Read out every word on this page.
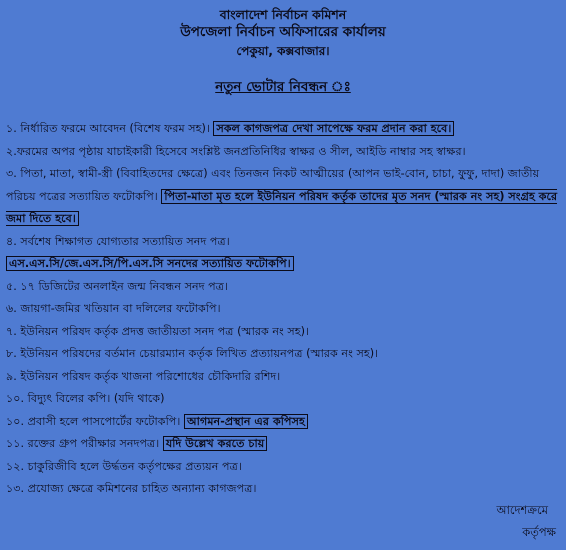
বাংলাদেশ নির্বাচন কমিশন
উপজেলা নির্বাচন অফিসারের কার্যালয়
পেকুয়া, কক্সবাজার।
নতুন ভোটার নিবন্ধন ঃ
১. নির্ধারিত ফরমে আবেদন (বিশেষ ফরম সহ)। সকল কাগজপত্র দেখা সাপেক্ষে ফরম প্রদান করা হবে।
২.ফরমের অপর পৃষ্ঠায় যাচাইকারী হিসেবে সংশ্লিষ্ট জনপ্রতিনিধির স্বাক্ষর ও সীল, আইডি নাম্বার সহ স্বাক্ষর।
৩. পিতা, মাতা, স্বামী-স্ত্রী (বিবাহিতদের ক্ষেত্রে) এবং তিনজন নিকট আত্মীয়ের (আপন ভাই-বোন, চাচা, ফুফু, দাদা) জাতীয় পরিচয় পত্রের সত্যায়িত ফটোকপি। পিতা-মাতা মৃত হলে ইউনিয়ন পরিষদ কর্তৃক তাদের মৃত সনদ (স্মারক নং সহ) সংগ্রহ করে জমা দিতে হবে।
৪. সর্বশেষ শিক্ষাগত যোগ্যতার সত্যায়িত সনদ পত্র।
এস.এস.সি/জে.এস.সি/পি.এস.সি সনদের সত্যায়িত ফটোকপি।
৫. ১৭ ডিজিটের অনলাইন জন্ম নিবন্ধন সনদ পত্র।
৬. জায়গা-জমির খতিয়ান বা দলিলের ফটোকপি।
৭. ইউনিয়ন পরিষদ কর্তৃক প্রদত্ত জাতীয়তা সনদ পত্র (স্মারক নং সহ)।
৮. ইউনিয়ন পরিষদের বর্তমান চেয়ারম্যান কর্তৃক লিখিত প্রত্যায়নপত্র (স্মারক নং সহ)।
৯. ইউনিয়ন পরিষদ কর্তৃক খাজনা পরিশোধের চৌকিদারি রশিদ।
১০. বিদ্যুৎ বিলের কপি। (যদি থাকে)
১০. প্রবাসী হলে পাসপোর্টের ফটোকপি। আগমন-প্রস্থান এর কপিসহ
১১. রক্তের গ্রুপ পরীক্ষার সনদপত্র। যদি উল্লেখ করতে চায়
১২. চাকুরিজীবি হলে উর্দ্ধতন কর্তৃপক্ষের প্রত্যয়ন পত্র।
১৩. প্রযোজ্য ক্ষেত্রে কমিশনের চাহিত অন্যান্য কাগজপত্র।
আদেশক্রমে
কর্তৃপক্ষ
